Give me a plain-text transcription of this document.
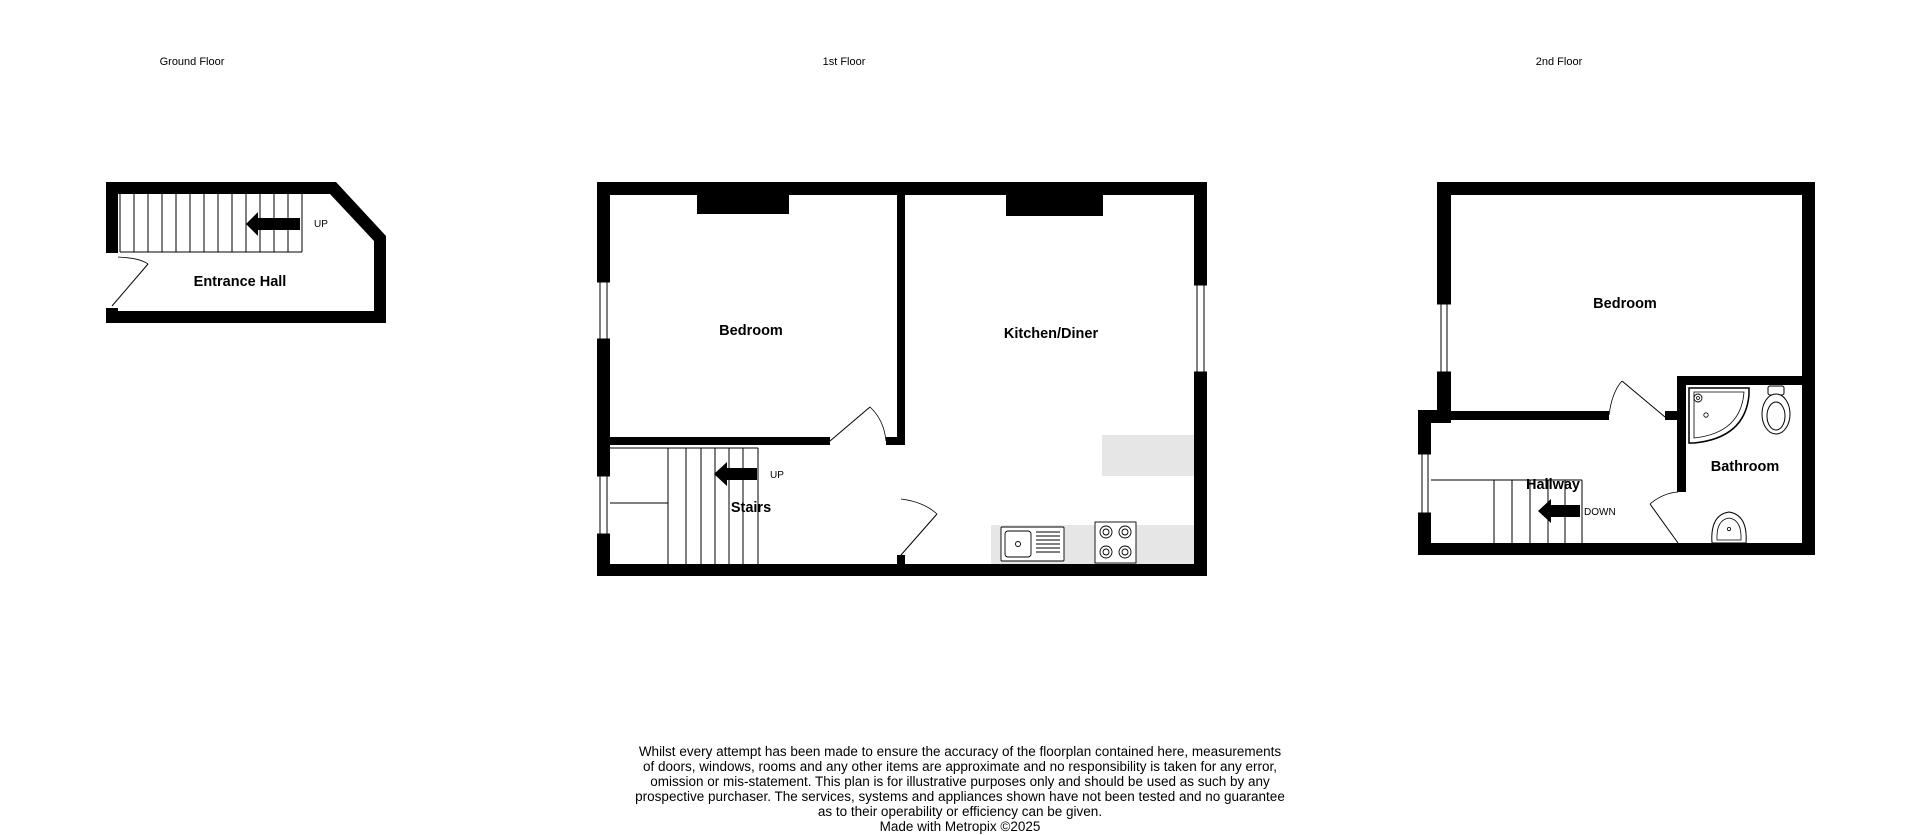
Ground Floor	1st Floor	2nd Floor
UP
Entrance Hall
UP
Bedroom	Kitchen/Diner
Stairs	DOWN
Bedroom
Hallway
Bathroom

Whilst every attempt has been made to ensure the accuracy of the floorplan contained here, measurements

of doors, windows, rooms and any other items are approximate and no responsibility is taken for any error,

omission or mis-statement. This plan is for illustrative purposes only and should be used as such by any

prospective purchaser. The services, systems and appliances shown have not been tested and no guarantee

as to their operability or efficiency can be given.

Made with Metropix ©2025
